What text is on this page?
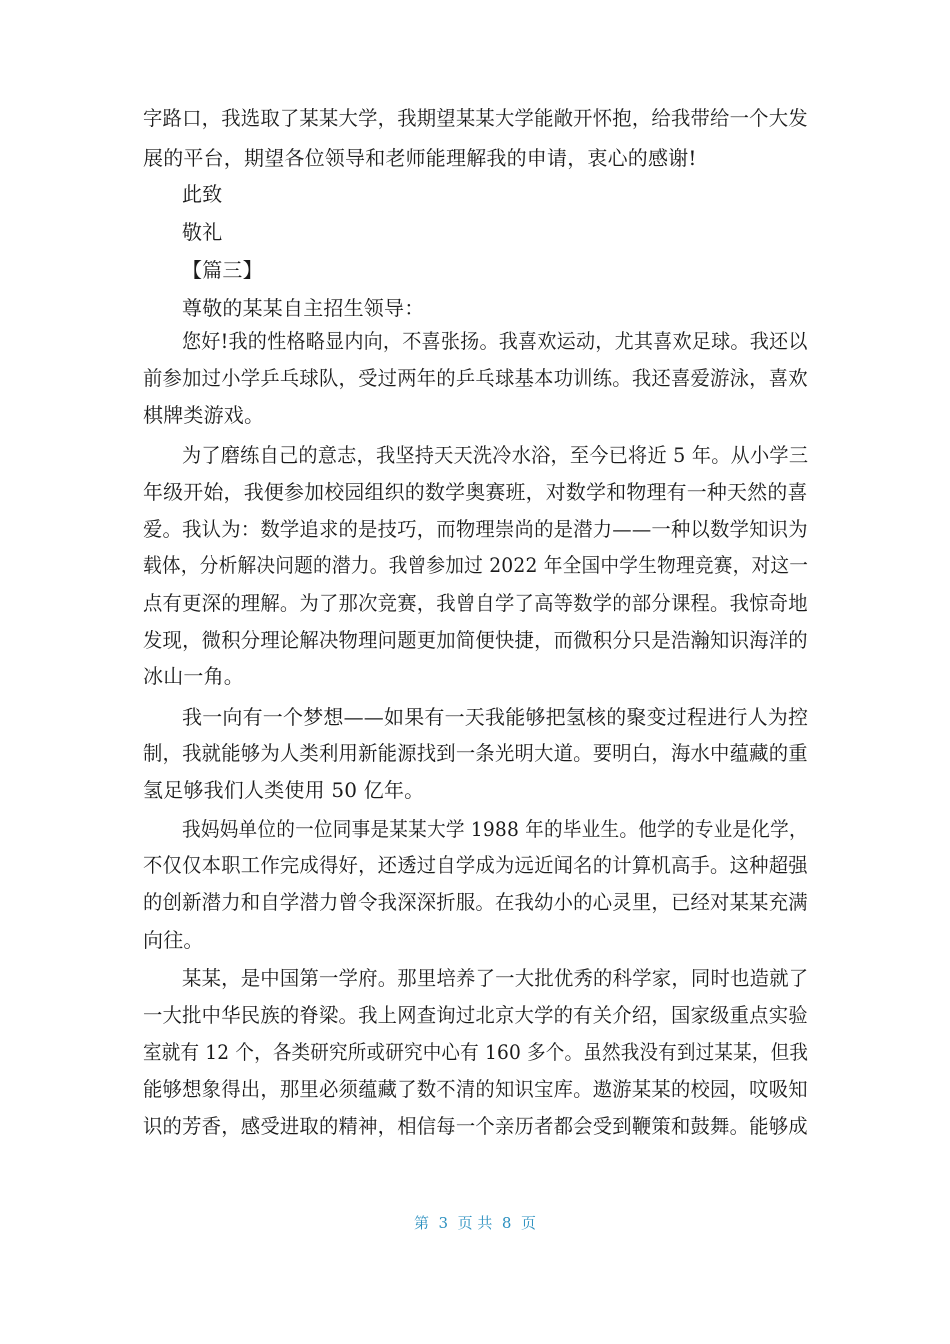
字路口，我选取了某某大学，我期望某某大学能敞开怀抱，给我带给一个大发
展的平台，期望各位领导和老师能理解我的申请，衷心的感谢!
此致
敬礼
【篇三】
尊敬的某某自主招生领导：
您好!我的性格略显内向，不喜张扬。我喜欢运动，尤其喜欢足球。我还以
前参加过小学乒乓球队，受过两年的乒乓球基本功训练。我还喜爱游泳，喜欢
棋牌类游戏。
为了磨练自己的意志，我坚持天天洗冷水浴，至今已将近 5 年。从小学三
年级开始，我便参加校园组织的数学奥赛班，对数学和物理有一种天然的喜
爱。我认为：数学追求的是技巧，而物理崇尚的是潜力——一种以数学知识为
载体，分析解决问题的潜力。我曾参加过 2022 年全国中学生物理竞赛，对这一
点有更深的理解。为了那次竞赛，我曾自学了高等数学的部分课程。我惊奇地
发现，微积分理论解决物理问题更加简便快捷，而微积分只是浩瀚知识海洋的
冰山一角。
我一向有一个梦想——如果有一天我能够把氢核的聚变过程进行人为控
制，我就能够为人类利用新能源找到一条光明大道。要明白，海水中蕴藏的重
氢足够我们人类使用 50 亿年。
我妈妈单位的一位同事是某某大学 1988 年的毕业生。他学的专业是化学，
不仅仅本职工作完成得好，还透过自学成为远近闻名的计算机高手。这种超强
的创新潜力和自学潜力曾令我深深折服。在我幼小的心灵里，已经对某某充满
向往。
某某，是中国第一学府。那里培养了一大批优秀的科学家，同时也造就了
一大批中华民族的脊梁。我上网查询过北京大学的有关介绍，国家级重点实验
室就有 12 个，各类研究所或研究中心有 160 多个。虽然我没有到过某某，但我
能够想象得出，那里必须蕴藏了数不清的知识宝库。遨游某某的校园，呅吸知
识的芳香，感受进取的精神，相信每一个亲历者都会受到鞭策和鼓舞。能够成
第  3  页 共  8  页
